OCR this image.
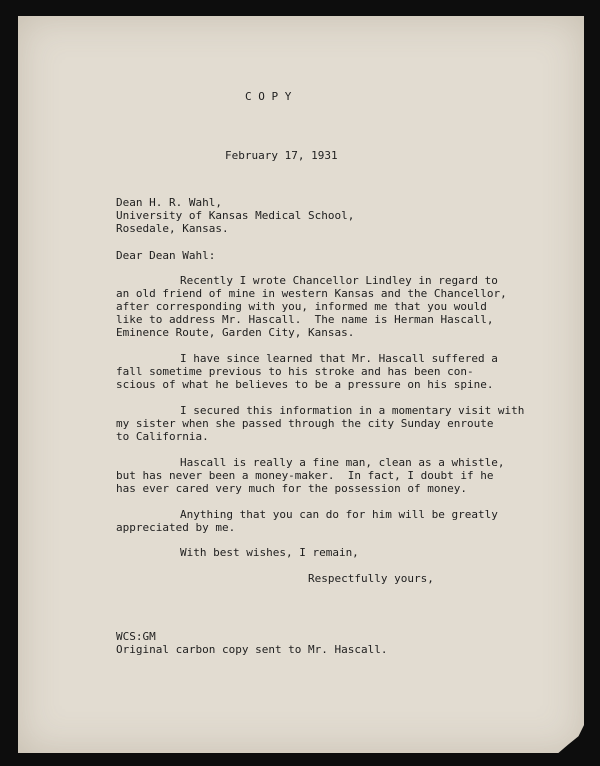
C O P Y
February 17, 1931
Dean H. R. Wahl,
University of Kansas Medical School,
Rosedale, Kansas.
Dear Dean Wahl:
Recently I wrote Chancellor Lindley in regard to
an old friend of mine in western Kansas and the Chancellor,
after corresponding with you, informed me that you would
like to address Mr. Hascall.  The name is Herman Hascall,
Eminence Route, Garden City, Kansas.
I have since learned that Mr. Hascall suffered a
fall sometime previous to his stroke and has been con-
scious of what he believes to be a pressure on his spine.
I secured this information in a momentary visit with
my sister when she passed through the city Sunday enroute
to California.
Hascall is really a fine man, clean as a whistle,
but has never been a money-maker.  In fact, I doubt if he
has ever cared very much for the possession of money.
Anything that you can do for him will be greatly
appreciated by me.
With best wishes, I remain,
Respectfully yours,
WCS:GM
Original carbon copy sent to Mr. Hascall.
